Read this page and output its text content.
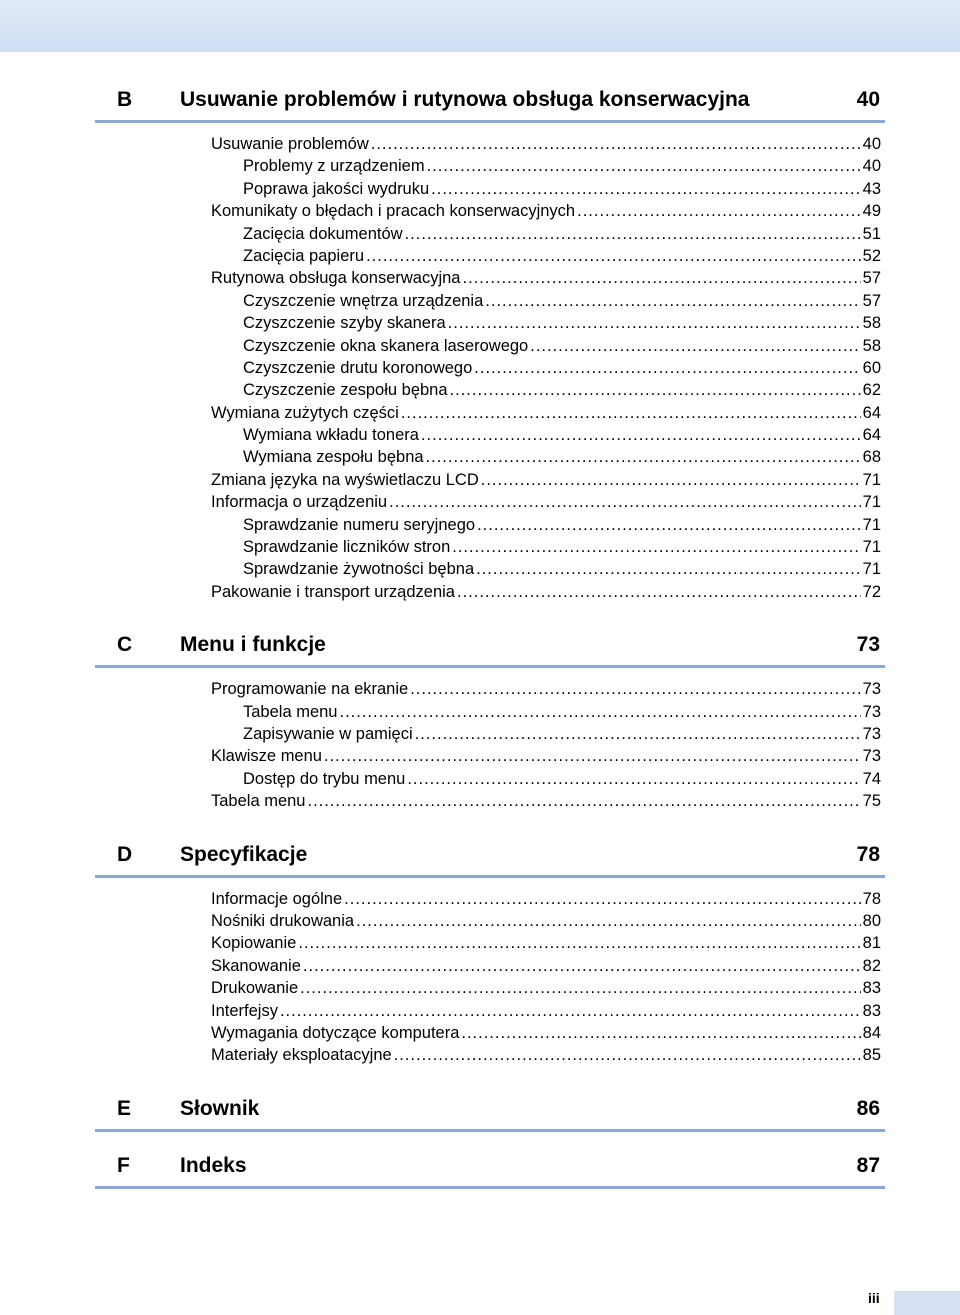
B Usuwanie problemów i rutynowa obsługa konserwacyjna	40
Usuwanie problemów .....	40
Problemy z urządzeniem .....	40
Poprawa jakości wydruku .....	43
Komunikaty o błędach i pracach konserwacyjnych .....	49
Zacięcia dokumentów .....	51
Zacięcia papieru .....	52
Rutynowa obsługa konserwacyjna .....	57
Czyszczenie wnętrza urządzenia .....	57
Czyszczenie szyby skanera .....	58
Czyszczenie okna skanera laserowego .....	58
Czyszczenie drutu koronowego .....	60
Czyszczenie zespołu bębna .....	62
Wymiana zużytych części .....	64
Wymiana wkładu tonera .....	64
Wymiana zespołu bębna .....	68
Zmiana języka na wyświetlaczu LCD .....	71
Informacja o urządzeniu .....	71
Sprawdzanie numeru seryjnego .....	71
Sprawdzanie liczników stron .....	71
Sprawdzanie żywotności bębna .....	71
Pakowanie i transport urządzenia .....	72
C Menu i funkcje	73
Programowanie na ekranie .....	73
Tabela menu .....	73
Zapisywanie w pamięci .....	73
Klawisze menu .....	73
Dostęp do trybu menu .....	74
Tabela menu .....	75
D Specyfikacje	78
Informacje ogólne .....	78
Nośniki drukowania .....	80
Kopiowanie .....	81
Skanowanie .....	82
Drukowanie .....	83
Interfejsy .....	83
Wymagania dotyczące komputera .....	84
Materiały eksploatacyjne .....	85
E Słownik	86
F Indeks	87
iii
